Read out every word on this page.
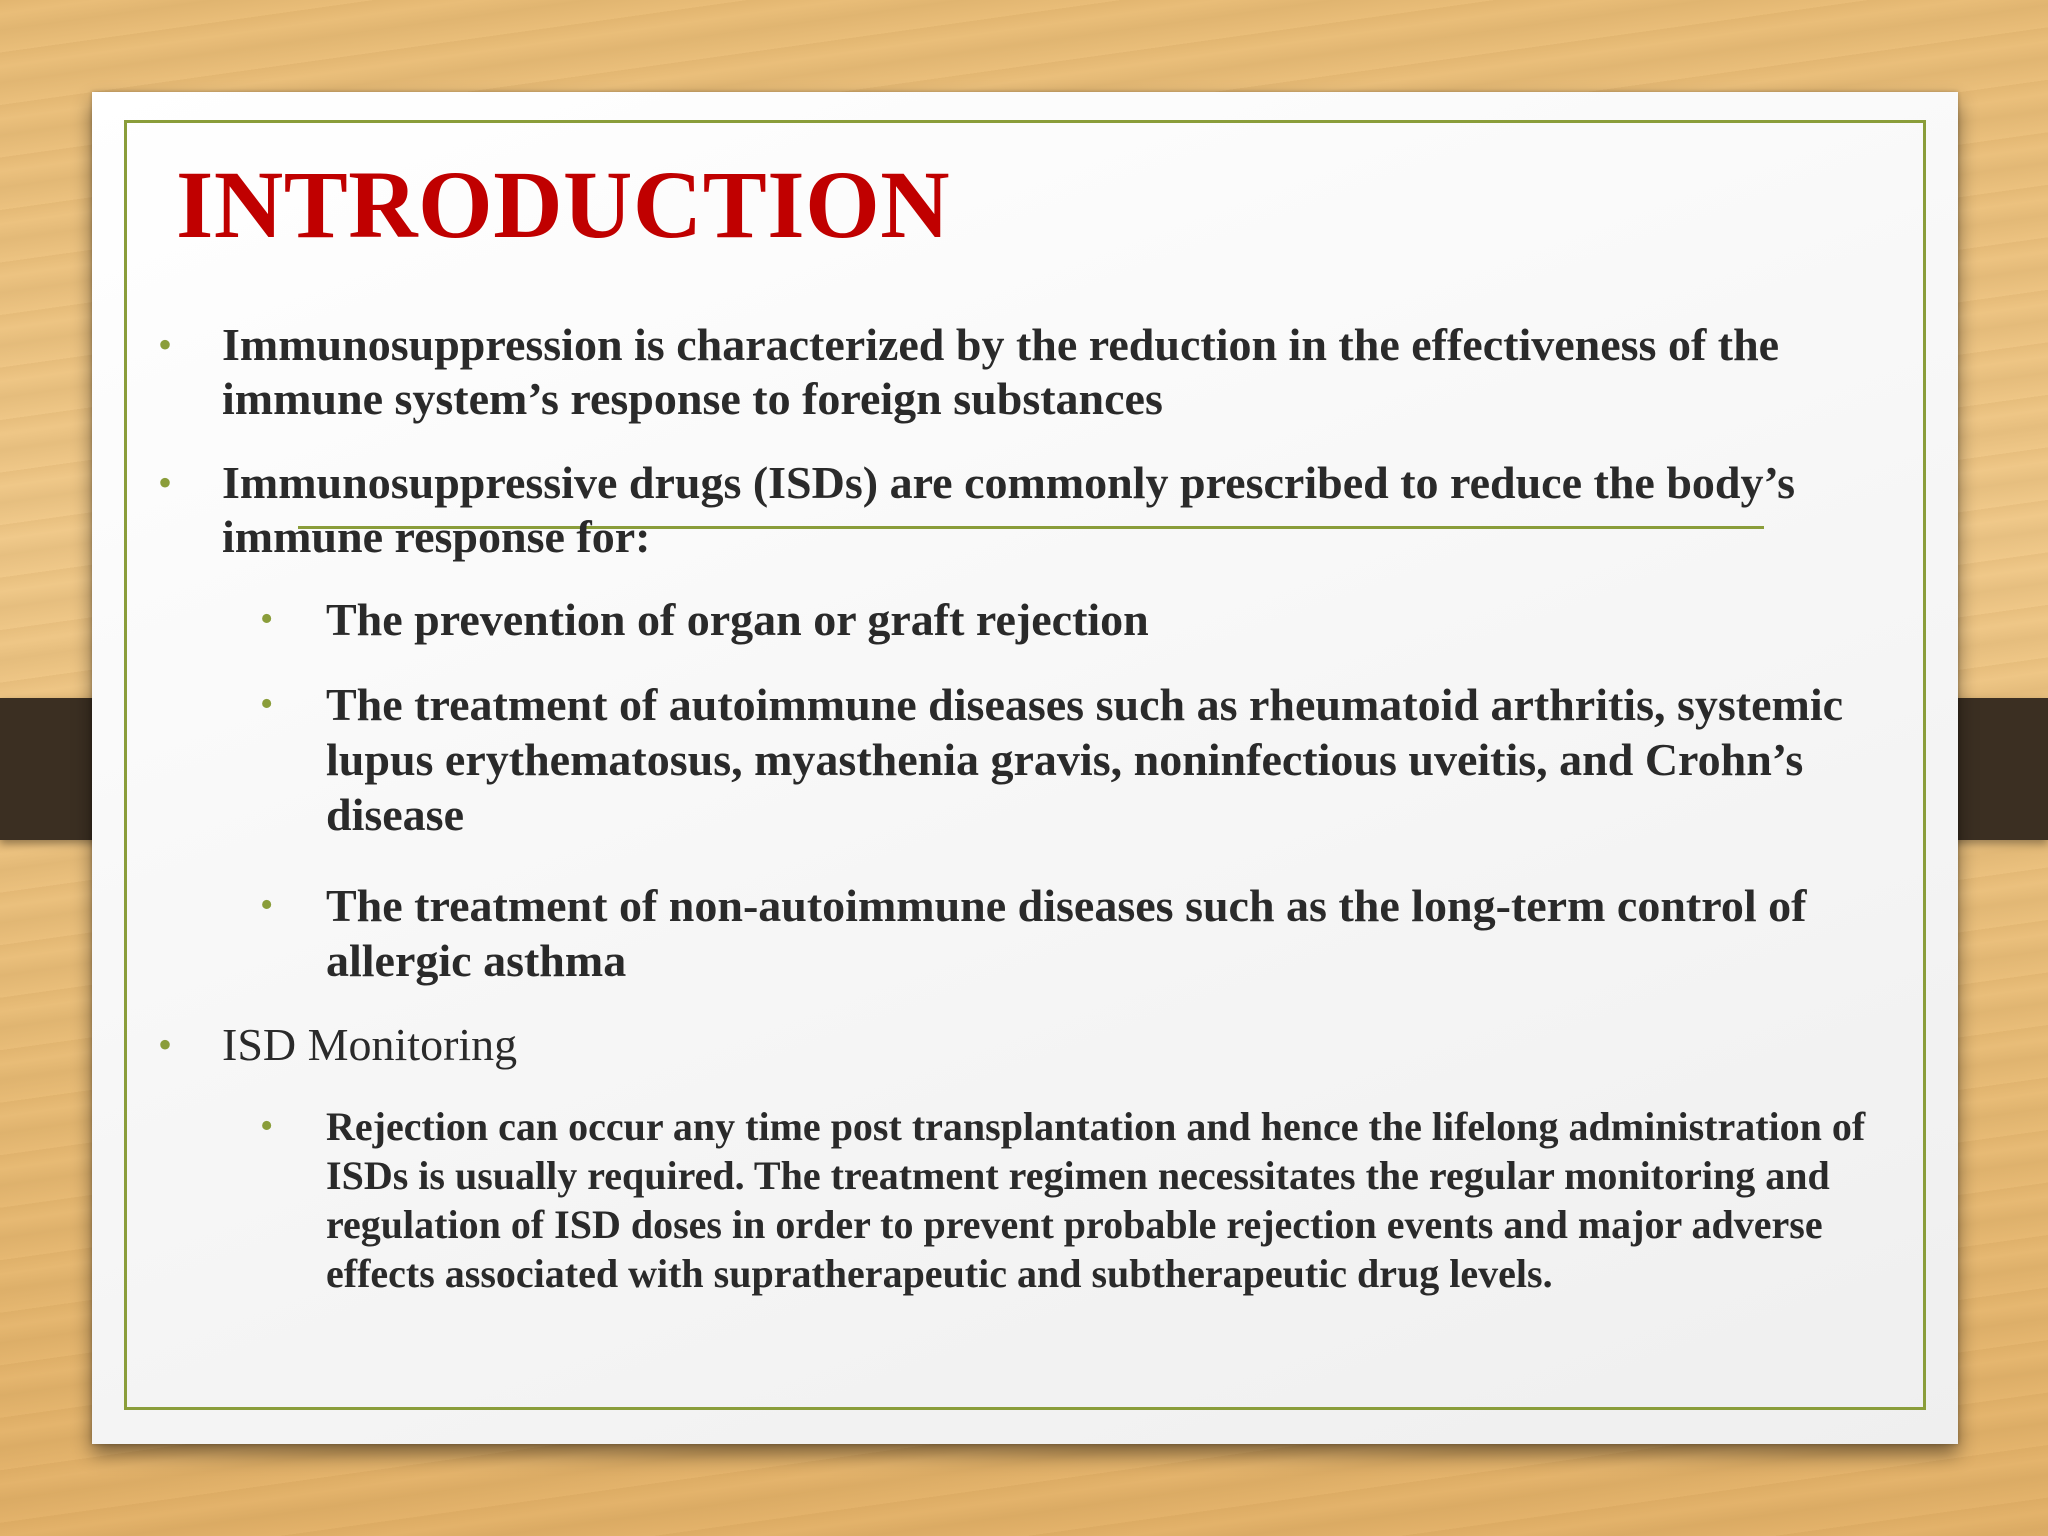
INTRODUCTION
• Immunosuppression is characterized by the reduction in the effectiveness of the immune system’s response to foreign substances
• Immunosuppressive drugs (ISDs) are commonly prescribed to reduce the body’s immune response for:
• The prevention of organ or graft rejection
• The treatment of autoimmune diseases such as rheumatoid arthritis, systemic lupus erythematosus, myasthenia gravis, noninfectious uveitis, and Crohn’s disease
• The treatment of non-autoimmune diseases such as the long-term control of allergic asthma
• ISD Monitoring
• Rejection can occur any time post transplantation and hence the lifelong administration of ISDs is usually required. The treatment regimen necessitates the regular monitoring and regulation of ISD doses in order to prevent probable rejection events and major adverse effects associated with supratherapeutic and subtherapeutic drug levels.
